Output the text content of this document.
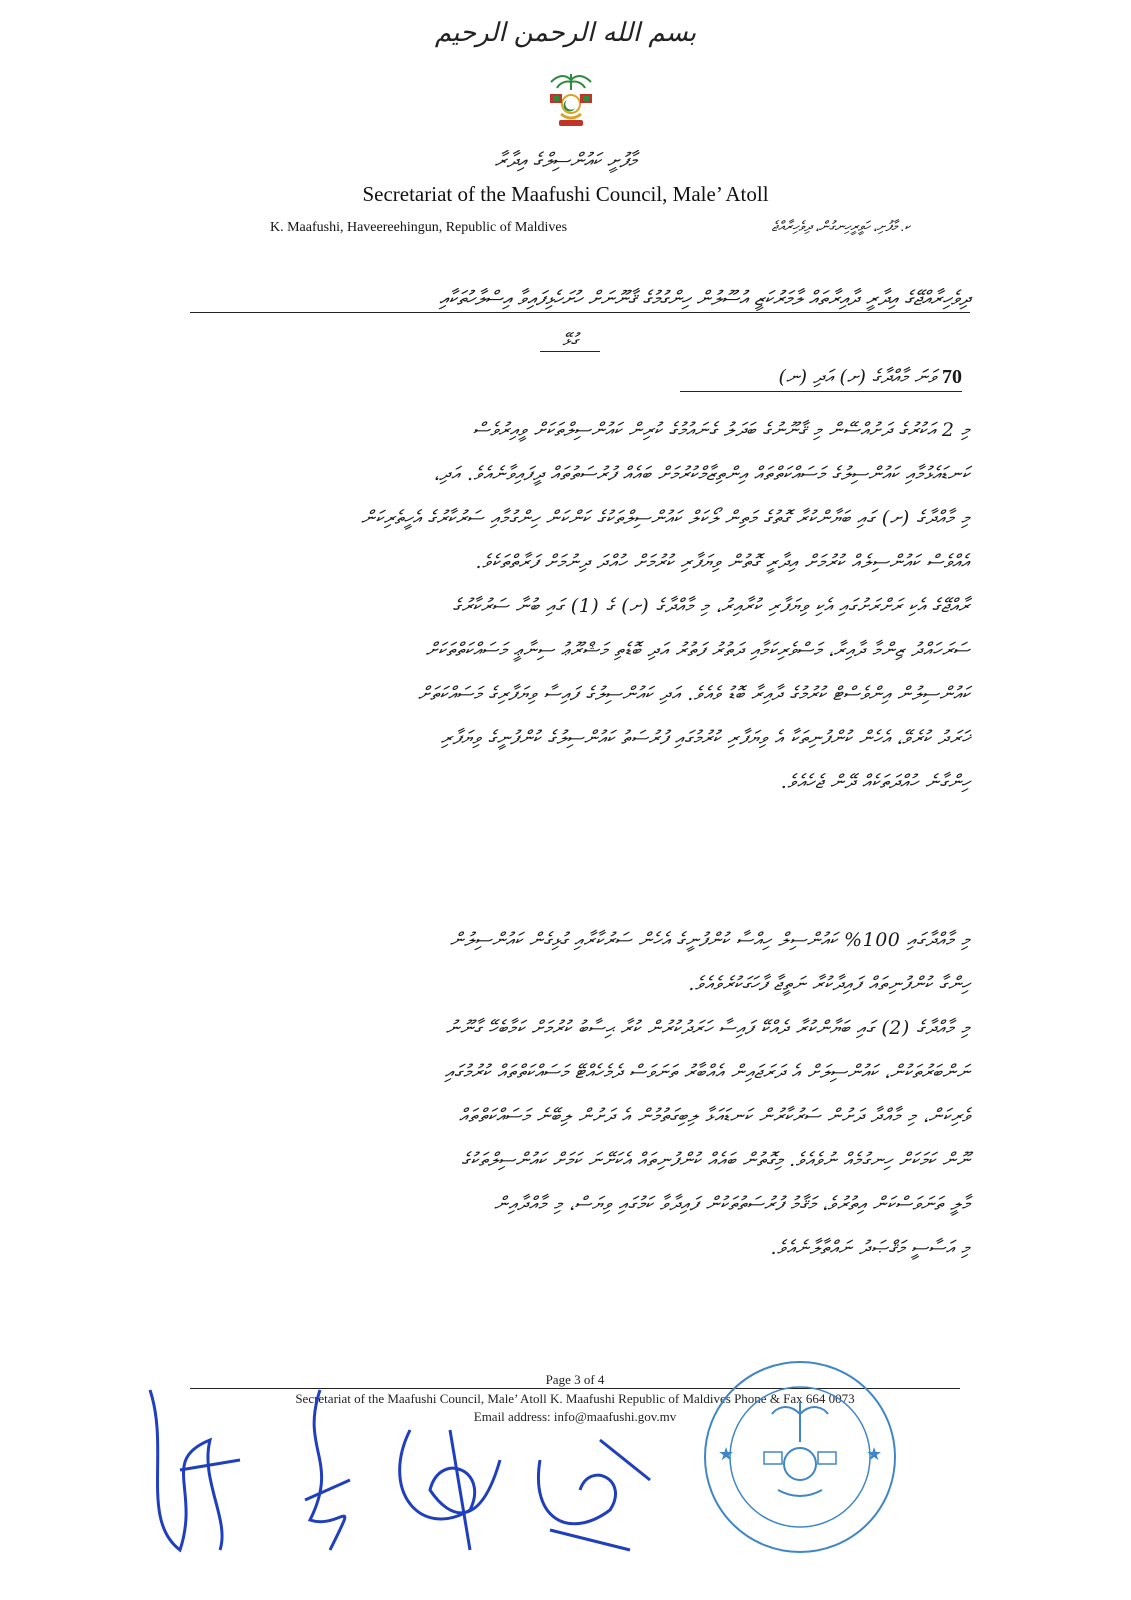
بسم الله الرحمن الرحيم
މާފުށީ ކައުންސިލްގެ އިދާރާ
Secretariat of the Maafushi Council, Male’ Atoll
K. Maafushi, Haveereehingun, Republic of Maldives	ކ. މާފުށި، ހަވީރީހިނގުން، ދިވެހިރާއްޖެ
ދިވެހިރާއްޖޭގެ އިދާރީ ދާއިރާތައް ލާމަރުކަޒީ އުސޫލުން ހިންގުމުގެ ޤާނޫނަށް ހުށަހެޅިފައިވާ އިސްލާހުތަކާއި
ގުޅޭ
70 ވަނަ މާއްދާގެ (ށ) އަދި (ނ)
މި 2 އަކުރުގެ ދަށުއްސޭން މި ޤާނޫނުގެ ބަދަލު ގެނައުމުގެ ކުރިން ކައުންސިލްތަކަށް ވީއިރުވެސް
ކަނޑައެޅުމާއި ކައުންސިލުގެ މަސައްކަތްތައް އިންތިޒާމްކުރުމަށް ބައެއް ފުރުސަތުތައް ދީފައިވާނެއެވެ. އަދި،
މި މާއްދާގެ (ށ) ގައި ބަޔާންކުރާ ގޮތުގެ މަތިން ލޯކަލް ކައުންސިލްތަކުގެ ކަންކަން ހިންގުމާއި ސަރުކާރުގެ އެހީތެރިކަން
އެއްވެސް ކައުންސިލެއް ކުރުމަށް އިދާރީ ގޮތުން ވިޔަފާރި ކުރުމަށް ހުއްދަ ދިނުމަށް ފަރާތްތަކެވެ.
ރާއްޖޭގެ އެކި ރަށްރަށުގައި އެކި ވިޔަފާރި ކުރާއިރު، މި މާއްދާގެ (ށ) ގެ (1) ގައި ބުނާ ސަރުކާރުގެ
ސަރަހައްދު ޒިންމާ ދާއިރާ، މަސްވެރިކަމާއި ދަތުރު ފަތުރު އަދި ބޮޑެތި މަޝްރޫޢު ސިނާޢީ މަސައްކަތްތަކަށް
ކައުންސިލުން އިންވެސްޓް ކުރުމުގެ ދާއިރާ ބޮޑު ވެއެވެ. އަދި ކައުންސިލުގެ ފައިސާ ވިޔަފާރިގެ މަސައްކަތަށް
ޚަރަދު ކުރެވޭ، އެހެން ކުންފުނިތަކާ އެ ވިޔަފާރި ކުރުމުގައި ފުރުސަތު ކައުންސިލުގެ ކުންފުނީގެ ވިޔަފާރި
ހިންގާނެ ހުއްދަތަކެއް ދޭން ޖެހެއެވެ.
މި މާއްދާގައި 100% ކައުންސިލް ހިއްސާ ކުންފުނީގެ އެހެން ސަރުކާރާއި ގުޅިގެން ކައުންސިލުން
ހިންގާ ކުންފުނިތައް ފައިދާކުރާ ނަތީޖާ ފާހަގަކުރެވެއެވެ.
މި މާއްދާގެ (2) ގައި ބަޔާންކުރާ ދެއްކޭ ފައިސާ ހަރަދުކުރުން ކުރާ ޙިސާބު ކުރުމަށް ކަމާބެހޭ ގާނޫނު
ނަންބަރުތަކުން، ކައުންސިލަށް އެ ދަރަޖައިން އެއްބާރު ތަނަވަސް ދެމެހެއްޓޭ މަސައްކަތްތައް ކުރުމުގައި
ވެރިކަން، މި މާއްދާ ދަށުން ސަރުކާރުން ކަނޑައަޅާ ލިބިގަތުމުން އެ ދަށުން ލިބޭނެ މަސައްކަތްތައް
ނޫން ކަމަކަށް ހިނގުމެއް ނުވެއެވެ. މިގޮތުން ބައެއް ކުންފުނިތައް އެކަށޭނަ ކަމަށް ކައުންސިލްތަކުގެ
މާލީ ތަނަވަސްކަން އިތުރުވެ، މަޤާމު ފުރުސަތުތަކުން ފައިދާވާ ކަމުގައި ވިޔަސް، މި މާއްދާއިން
މި އަސާސީ މަޤްޞަދު ނައްތާލާނެއެވެ.
Page 3 of 4
Secretariat of the Maafushi Council, Male’ Atoll K. Maafushi Republic of Maldives Phone & Fax 664 0073
Email address: info@maafushi.gov.mv
★	★
